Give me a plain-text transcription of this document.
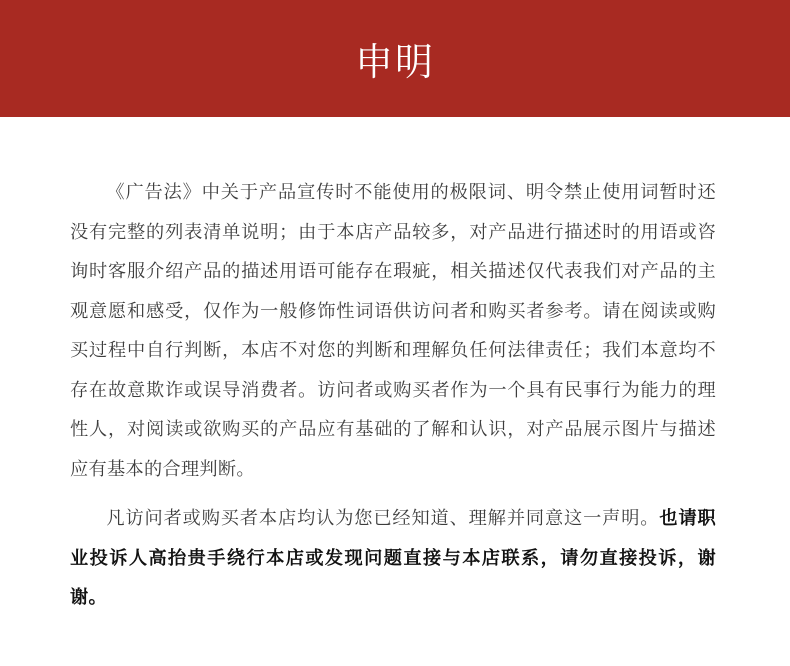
申明

《广告法》中关于产品宣传时不能使用的极限词、明令禁止使用词暂时还没有完整的列表清单说明；由于本店产品较多，对产品进行描述时的用语或咨询时客服介绍产品的描述用语可能存在瑕疵，相关描述仅代表我们对产品的主观意愿和感受，仅作为一般修饰性词语供访问者和购买者参考。请在阅读或购买过程中自行判断，本店不对您的判断和理解负任何法律责任；我们本意均不存在故意欺诈或误导消费者。访问者或购买者作为一个具有民事行为能力的理性人，对阅读或欲购买的产品应有基础的了解和认识，对产品展示图片与描述应有基本的合理判断。

凡访问者或购买者本店均认为您已经知道、理解并同意这一声明。也请职业投诉人高抬贵手绕行本店或发现问题直接与本店联系，请勿直接投诉，谢谢。
